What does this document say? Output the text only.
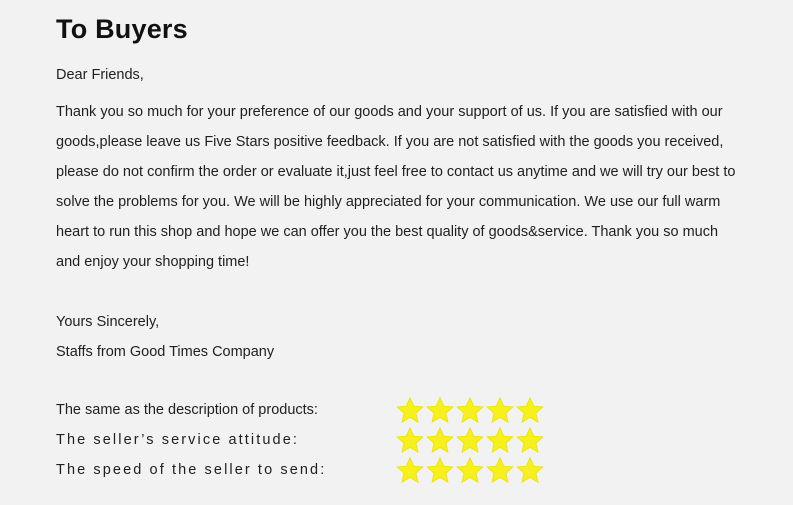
To Buyers

Dear Friends,

Thank you so much for your preference of our goods and your support of us. If you are satisfied with our goods,please leave us Five Stars positive feedback. If you are not satisfied with the goods you received, please do not confirm the order or evaluate it,just feel free to contact us anytime and we will try our best to solve the problems for you. We will be highly appreciated for your communication. We use our full warm heart to run this shop and hope we can offer you the best quality of goods&service. Thank you so much and enjoy your shopping time!

Yours Sincerely,

Staffs from Good Times Company

The same as the description of products:
The seller’s service attitude:
The speed of the seller to send:
